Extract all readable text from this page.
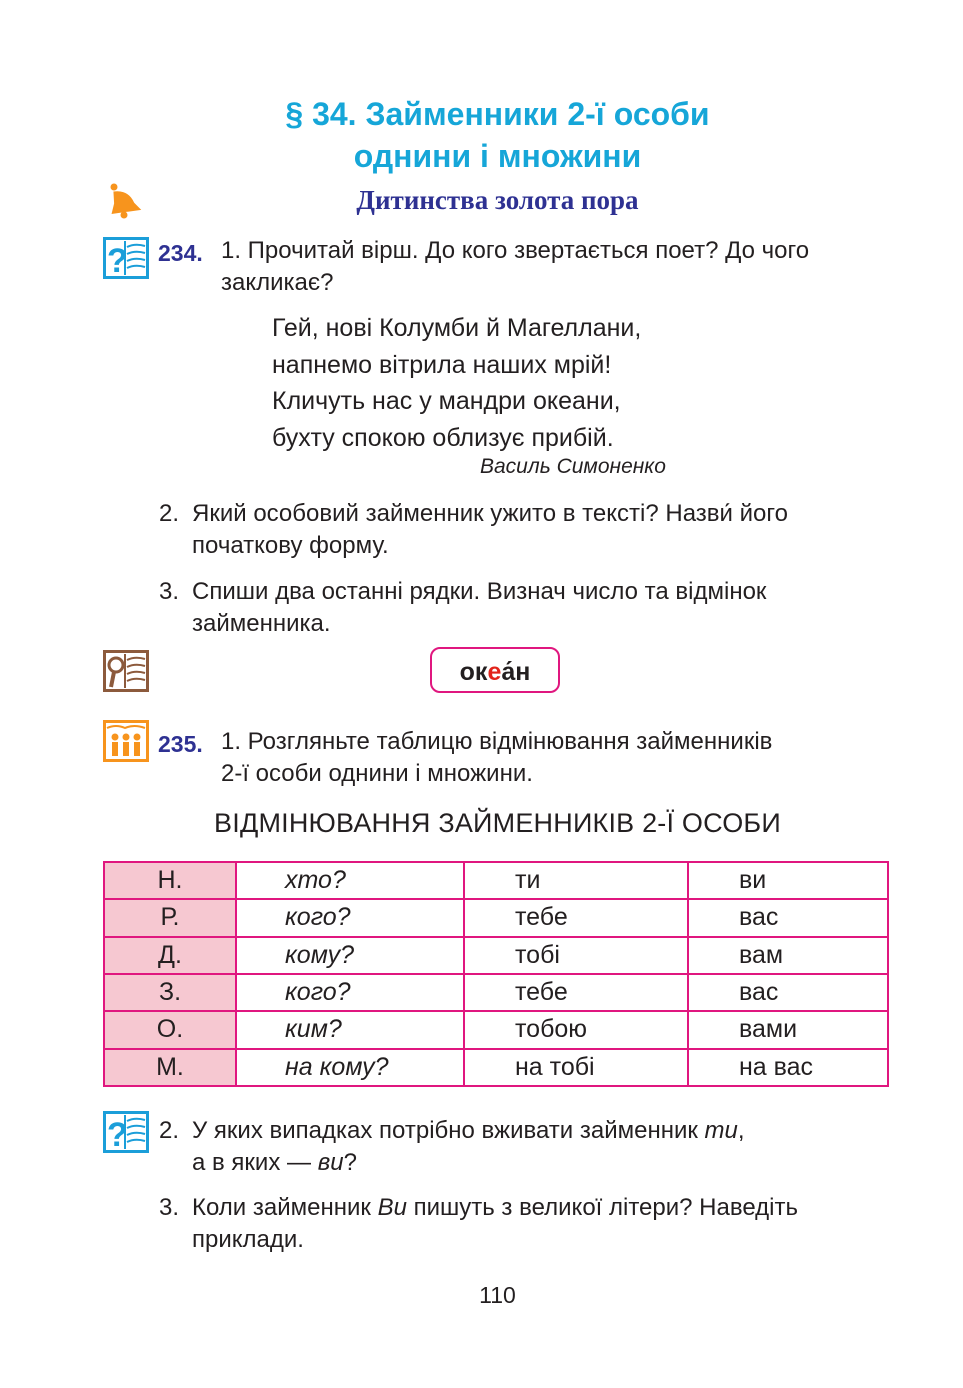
§ 34. Займенники 2-ї особи
однини і множини
Дитинства золота пора
? 234. 1. Прочитай вірш. До кого звертається поет? До чого
закликає?
Гей, нові Колумби й Магеллани,
напнемо вітрила наших мрій!
Кличуть нас у мандри океани,
бухту спокою облизує прибій.
Василь Симоненко
2. Який особовий займенник ужито в тексті? Назви́ його
початкову форму.
3. Спиши два останні рядки. Визнач число та відмінок
займенника.
океа́н
235. 1. Розгляньте таблицю відмінювання займенників
2-ї особи однини і множини.
ВІДМІНЮВАННЯ ЗАЙМЕННИКІВ 2-Ї ОСОБИ
Н.	хто?	ти	ви
Р.	кого?	тебе	вас
Д.	кому?	тобі	вам
З.	кого?	тебе	вас
О.	ким?	тобою	вами
М.	на кому?	на тобі	на вас
? 2. У яких випадках потрібно вживати займенник ти,
а в яких — ви?
3. Коли займенник Ви пишуть з великої літери? Наведіть
приклади.
110
